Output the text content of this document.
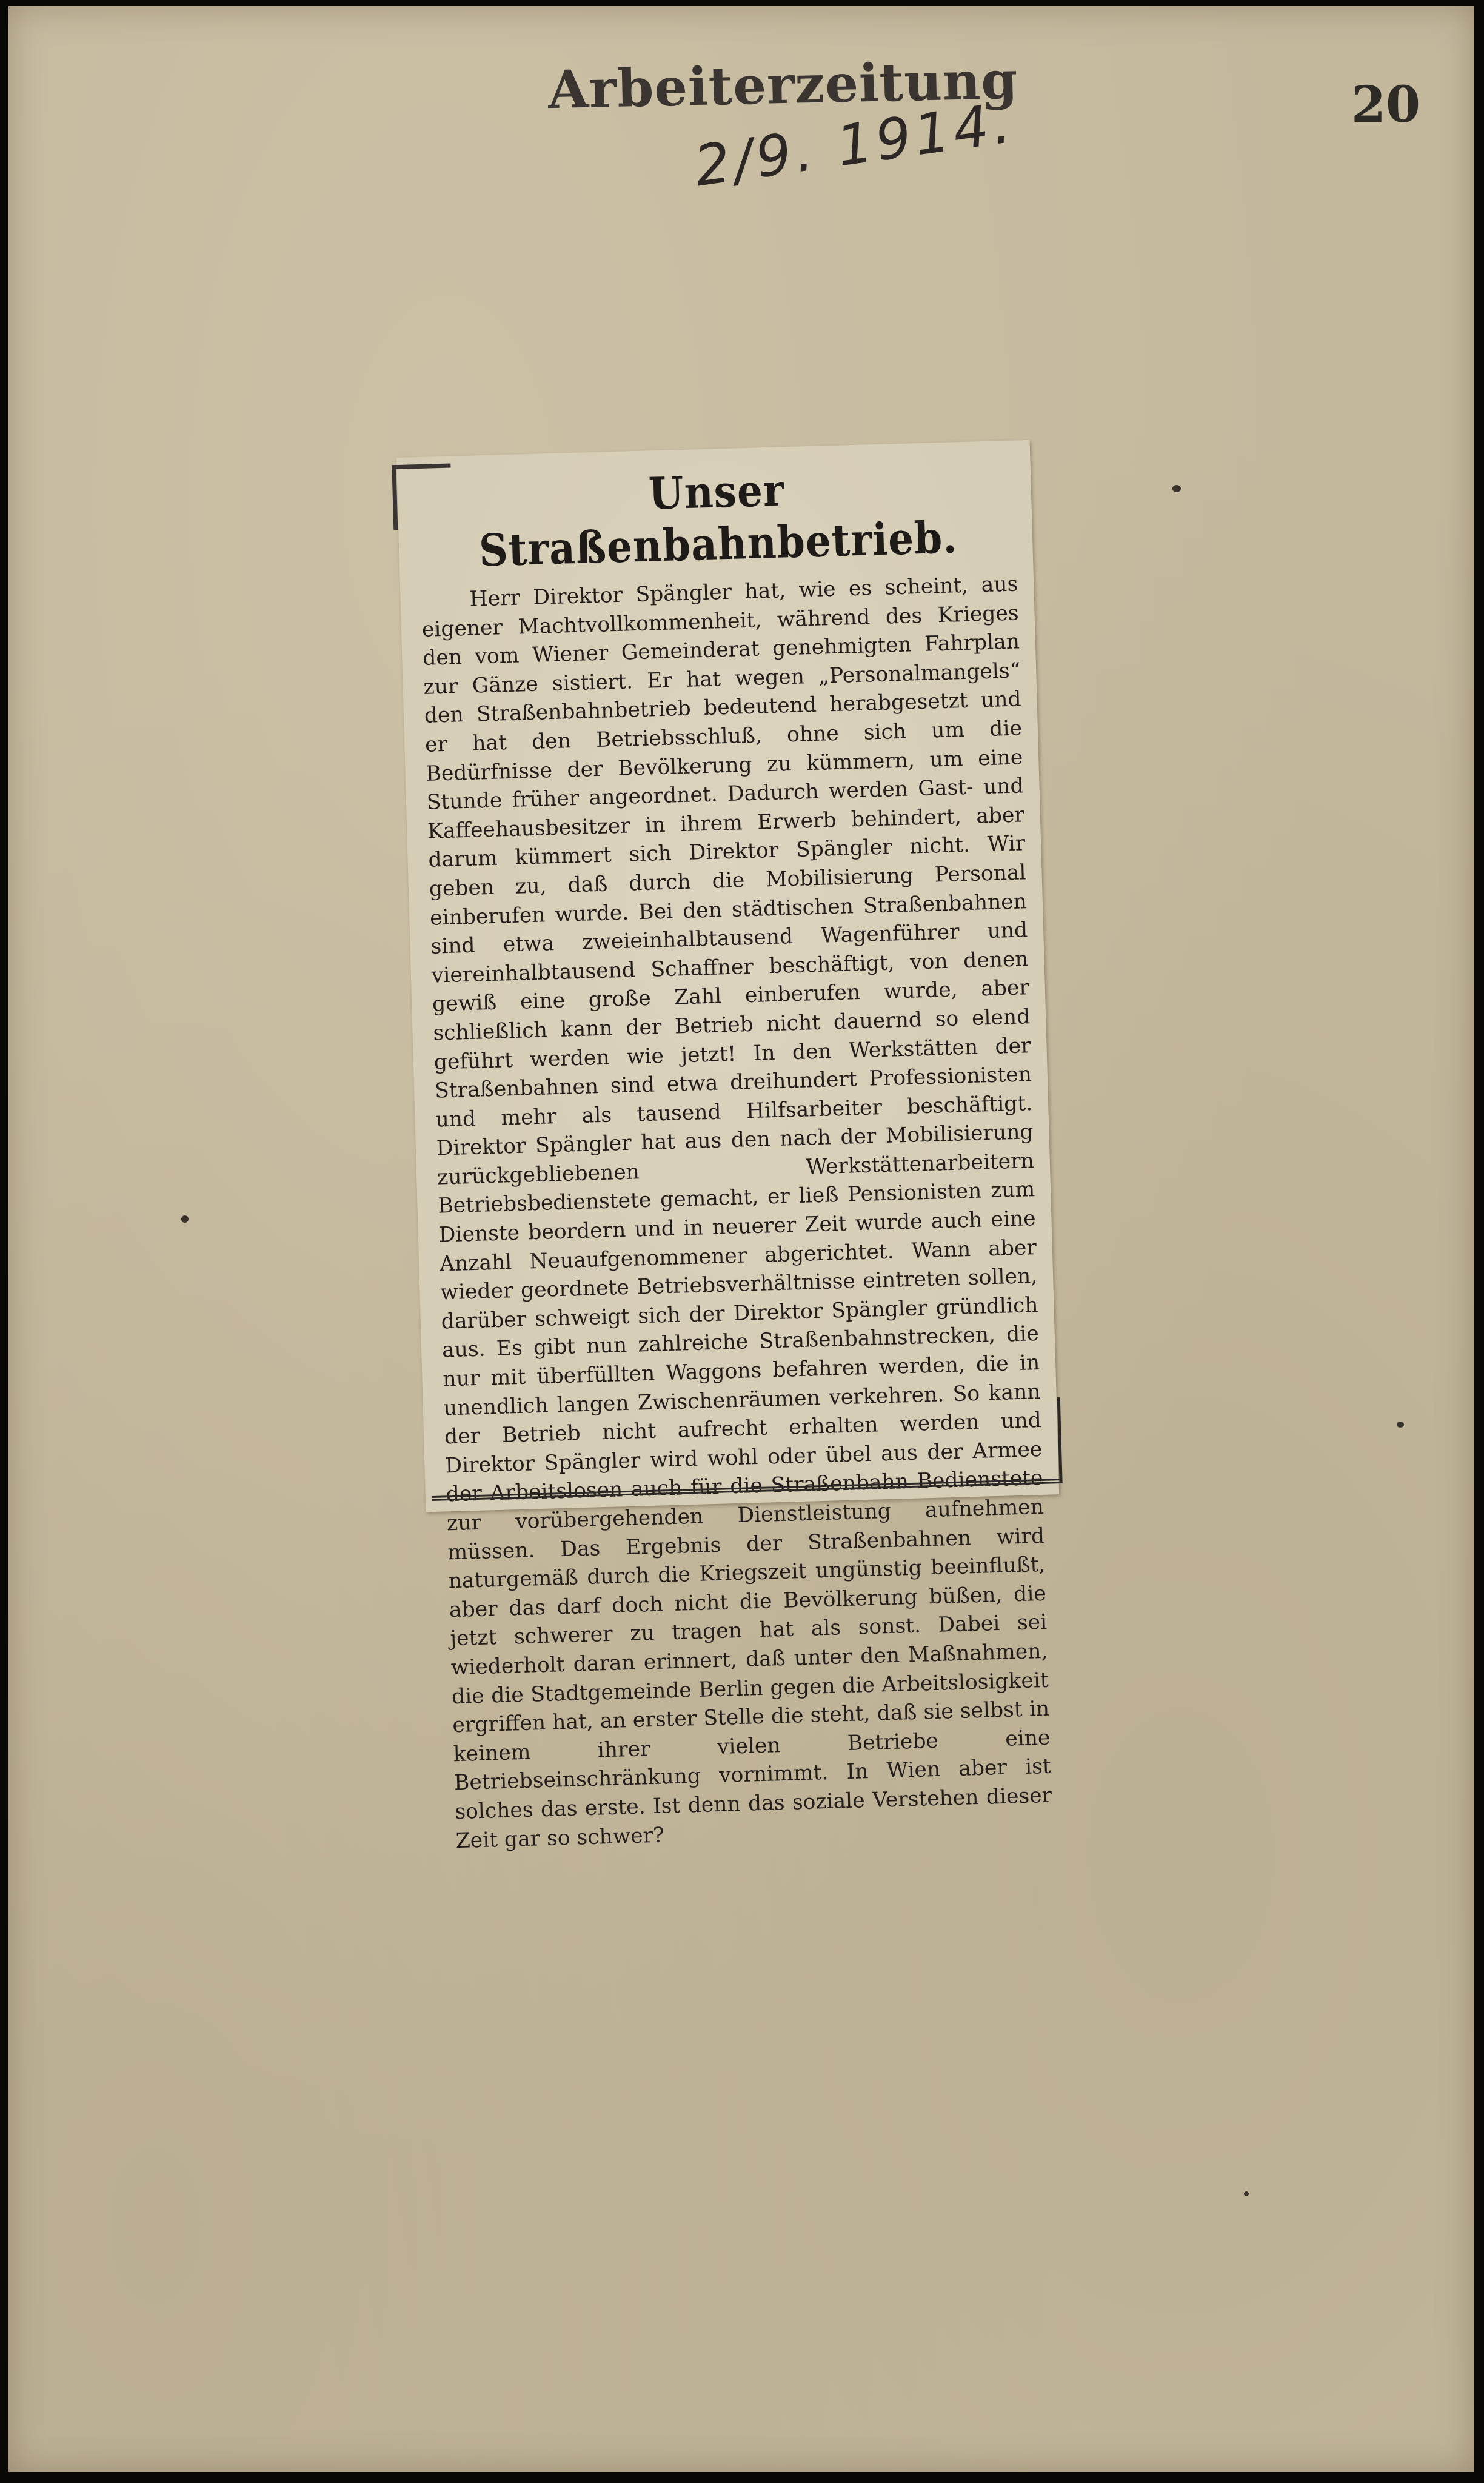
Arbeiterzeitung	20
2/9. 1914.
Unser Straßenbahnbetrieb.

Herr Direktor Spängler hat, wie es scheint, aus eigener Machtvollkommenheit, während des Krieges den vom Wiener Gemeinderat genehmigten Fahrplan zur Gänze sistiert. Er hat wegen „Personalmangels“ den Straßenbahnbetrieb bedeutend herabgesetzt und er hat den Betriebsschluß, ohne sich um die Bedürfnisse der Bevölkerung zu kümmern, um eine Stunde früher angeordnet. Dadurch werden Gast- und Kaffeehausbesitzer in ihrem Erwerb behindert, aber darum kümmert sich Direktor Spängler nicht. Wir geben zu, daß durch die Mobilisierung Personal einberufen wurde. Bei den städtischen Straßenbahnen sind etwa zweieinhalbtausend Wagenführer und viereinhalbtausend Schaffner beschäftigt, von denen gewiß eine große Zahl einberufen wurde, aber schließlich kann der Betrieb nicht dauernd so elend geführt werden wie jetzt! In den Werkstätten der Straßenbahnen sind etwa dreihundert Professionisten und mehr als tausend Hilfsarbeiter beschäftigt. Direktor Spängler hat aus den nach der Mobilisierung zurückgebliebenen Werkstättenarbeitern Betriebsbedienstete gemacht, er ließ Pensionisten zum Dienste beordern und in neuerer Zeit wurde auch eine Anzahl Neuaufgenommener abgerichtet. Wann aber wieder geordnete Betriebsverhältnisse eintreten sollen, darüber schweigt sich der Direktor Spängler gründlich aus. Es gibt nun zahlreiche Straßenbahnstrecken, die nur mit überfüllten Waggons befahren werden, die in unendlich langen Zwischenräumen verkehren. So kann der Betrieb nicht aufrecht erhalten werden und Direktor Spängler wird wohl oder übel aus der Armee der Arbeitslosen auch für die Straßenbahn Bedienstete zur vorübergehenden Dienstleistung aufnehmen müssen. Das Ergebnis der Straßenbahnen wird naturgemäß durch die Kriegszeit ungünstig beeinflußt, aber das darf doch nicht die Bevölkerung büßen, die jetzt schwerer zu tragen hat als sonst. Dabei sei wiederholt daran erinnert, daß unter den Maßnahmen, die die Stadtgemeinde Berlin gegen die Arbeitslosigkeit ergriffen hat, an erster Stelle die steht, daß sie selbst in keinem ihrer vielen Betriebe eine Betriebseinschränkung vornimmt. In Wien aber ist solches das erste. Ist denn das soziale Verstehen dieser Zeit gar so schwer?
